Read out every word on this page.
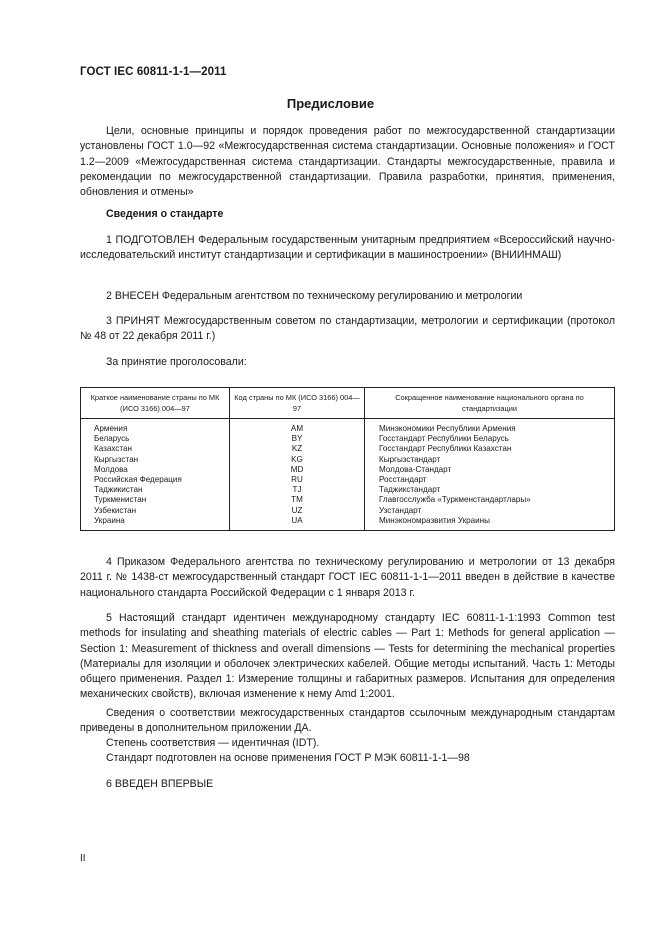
ГОСТ IEC 60811-1-1—2011
Предисловие
Цели, основные принципы и порядок проведения работ по межгосударственной стандартизации установлены ГОСТ 1.0—92 «Межгосударственная система стандартизации. Основные положения» и ГОСТ 1.2—2009 «Межгосударственная система стандартизации. Стандарты межгосударственные, правила и рекомендации по межгосударственной стандартизации. Правила разработки, принятия, применения, обновления и отмены»
Сведения о стандарте
1 ПОДГОТОВЛЕН Федеральным государственным унитарным предприятием «Всероссийский научно-исследовательский институт стандартизации и сертификации в машиностроении» (ВНИИНМАШ)
2 ВНЕСЕН Федеральным агентством по техническому регулированию и метрологии
3 ПРИНЯТ Межгосударственным советом по стандартизации, метрологии и сертификации (протокол № 48 от 22 декабря 2011 г.)
За принятие проголосовали:
Краткое наименование страны по МК (ИСО 3166) 004—97	Код страны по МК (ИСО 3166) 004—97	Сокращенное наименование национального органа по стандартизации
Армения	AM	Минэкономики Республики Армения
Беларусь	BY	Госстандарт Республики Беларусь
Казахстан	KZ	Госстандарт Республики Казахстан
Кыргызстан	KG	Кыргызстандарт
Молдова	MD	Молдова-Стандарт
Российская Федерация	RU	Росстандарт
Таджикистан	TJ	Таджикстандарт
Туркменистан	TM	Главгосслужба «Туркменстандартлары»
Узбекистан	UZ	Узстандарт
Украина	UA	Минэкономразвития Украины
4 Приказом Федерального агентства по техническому регулированию и метрологии от 13 декабря 2011 г. № 1438-ст межгосударственный стандарт ГОСТ IEC 60811-1-1—2011 введен в действие в качестве национального стандарта Российской Федерации с 1 января 2013 г.
5 Настоящий стандарт идентичен международному стандарту IEC 60811-1-1:1993 Common test methods for insulating and sheathing materials of electric cables — Part 1: Methods for general application — Section 1: Measurement of thickness and overall dimensions — Tests for determining the mechanical properties (Материалы для изоляции и оболочек электрических кабелей. Общие методы испытаний. Часть 1: Методы общего применения. Раздел 1: Измерение толщины и габаритных размеров. Испытания для определения механических свойств), включая изменение к нему Amd 1:2001.
Сведения о соответствии межгосударственных стандартов ссылочным международным стандартам приведены в дополнительном приложении ДА.
Степень соответствия — идентичная (IDT).
Стандарт подготовлен на основе применения ГОСТ Р МЭК 60811-1-1—98
6 ВВЕДЕН ВПЕРВЫЕ
II
